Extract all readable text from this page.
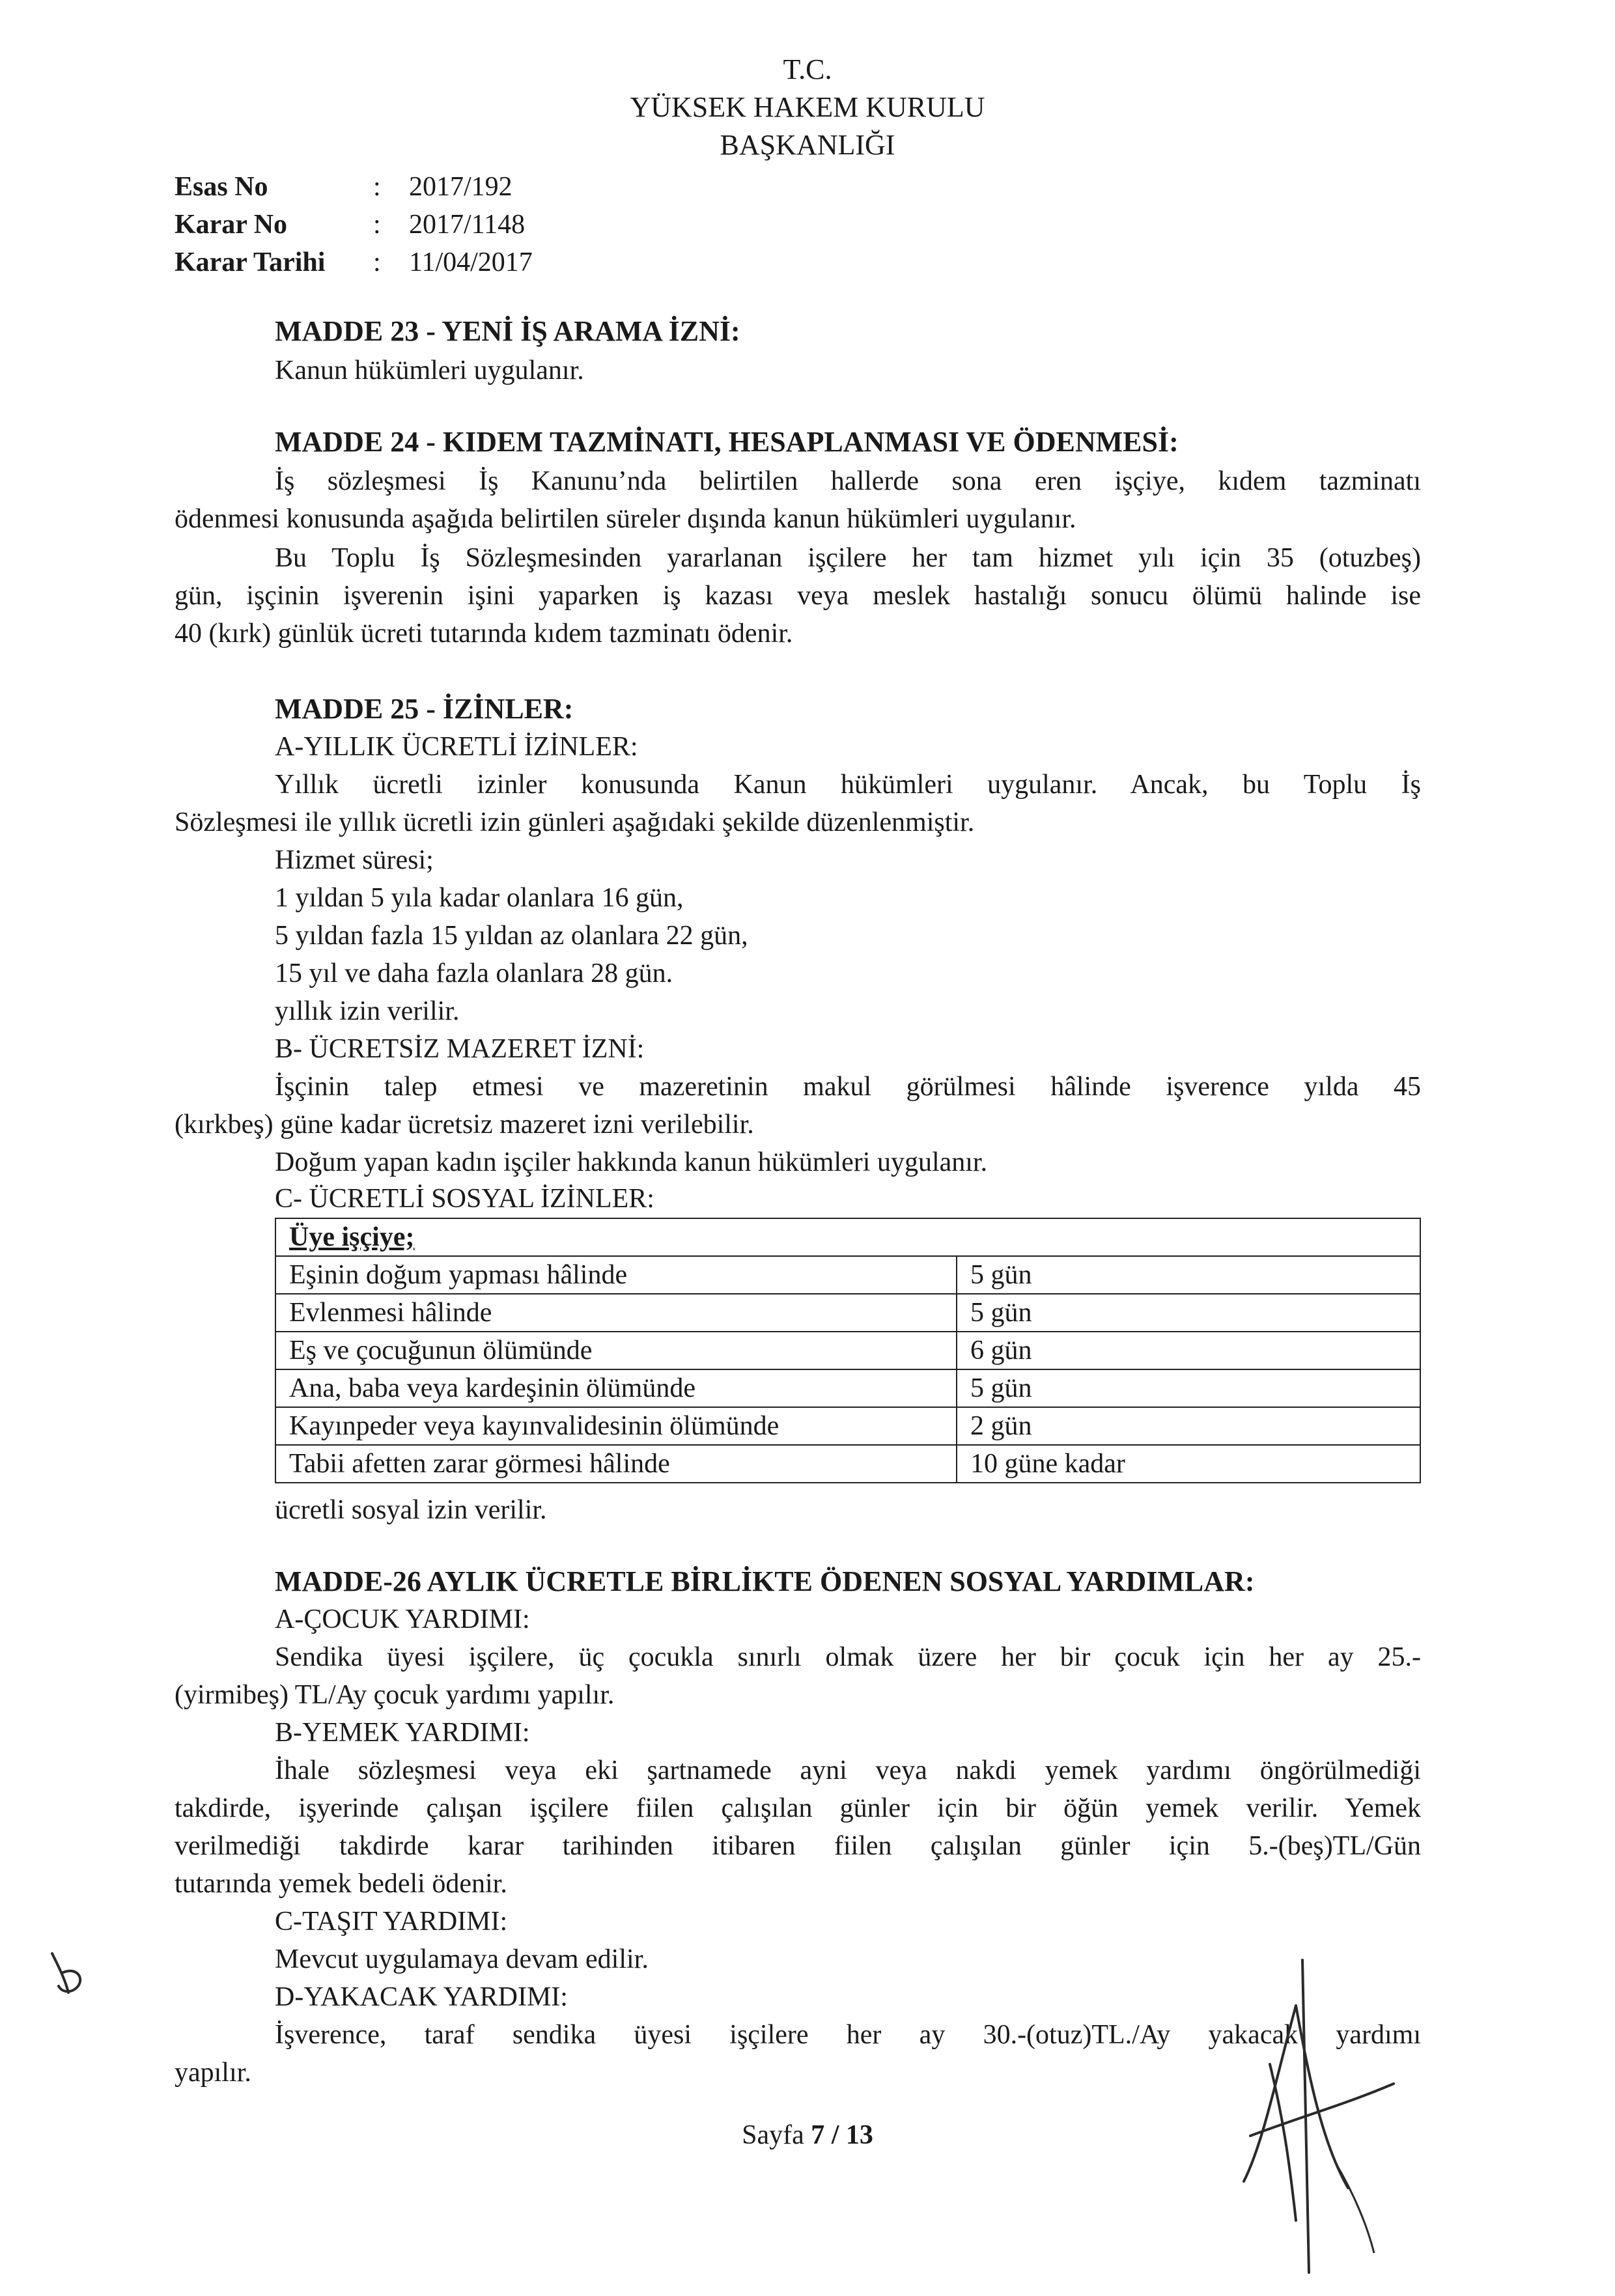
T.C.
YÜKSEK HAKEM KURULU
BAŞKANLIĞI
Esas No	:	2017/192
Karar No	:	2017/1148
Karar Tarihi	:	11/04/2017
MADDE 23 - YENİ İŞ ARAMA İZNİ:
Kanun hükümleri uygulanır.
MADDE 24 - KIDEM TAZMİNATI, HESAPLANMASI VE ÖDENMESİ:
İş sözleşmesi İş Kanunu’nda belirtilen hallerde sona eren işçiye, kıdem tazminatı
ödenmesi konusunda aşağıda belirtilen süreler dışında kanun hükümleri uygulanır.
Bu Toplu İş Sözleşmesinden yararlanan işçilere her tam hizmet yılı için 35 (otuzbeş)
gün, işçinin işverenin işini yaparken iş kazası veya meslek hastalığı sonucu ölümü halinde ise
40 (kırk) günlük ücreti tutarında kıdem tazminatı ödenir.
MADDE 25 - İZİNLER:
A-YILLIK ÜCRETLİ İZİNLER:
Yıllık ücretli izinler konusunda Kanun hükümleri uygulanır. Ancak, bu Toplu İş
Sözleşmesi ile yıllık ücretli izin günleri aşağıdaki şekilde düzenlenmiştir.
Hizmet süresi;
1 yıldan 5 yıla kadar olanlara 16 gün,
5 yıldan fazla 15 yıldan az olanlara 22 gün,
15 yıl ve daha fazla olanlara 28 gün.
yıllık izin verilir.
B- ÜCRETSİZ MAZERET İZNİ:
İşçinin talep etmesi ve mazeretinin makul görülmesi hâlinde işverence yılda 45
(kırkbeş) güne kadar ücretsiz mazeret izni verilebilir.
Doğum yapan kadın işçiler hakkında kanun hükümleri uygulanır.
C- ÜCRETLİ SOSYAL İZİNLER:
Üye işçiye;	
Eşinin doğum yapması hâlinde	5 gün
Evlenmesi hâlinde	5 gün
Eş ve çocuğunun ölümünde	6 gün
Ana, baba veya kardeşinin ölümünde	5 gün
Kayınpeder veya kayınvalidesinin ölümünde	2 gün
Tabii afetten zarar görmesi hâlinde	10 güne kadar
ücretli sosyal izin verilir.
MADDE-26 AYLIK ÜCRETLE BİRLİKTE ÖDENEN SOSYAL YARDIMLAR:
A-ÇOCUK YARDIMI:
Sendika üyesi işçilere, üç çocukla sınırlı olmak üzere her bir çocuk için her ay 25.-
(yirmibeş) TL/Ay çocuk yardımı yapılır.
B-YEMEK YARDIMI:
İhale sözleşmesi veya eki şartnamede ayni veya nakdi yemek yardımı öngörülmediği
takdirde, işyerinde çalışan işçilere fiilen çalışılan günler için bir öğün yemek verilir. Yemek
verilmediği takdirde karar tarihinden itibaren fiilen çalışılan günler için 5.-(beş)TL/Gün
tutarında yemek bedeli ödenir.
C-TAŞIT YARDIMI:
Mevcut uygulamaya devam edilir.
D-YAKACAK YARDIMI:
İşverence, taraf sendika üyesi işçilere her ay 30.-(otuz)TL./Ay yakacak yardımı
yapılır.
Sayfa 7 / 13
